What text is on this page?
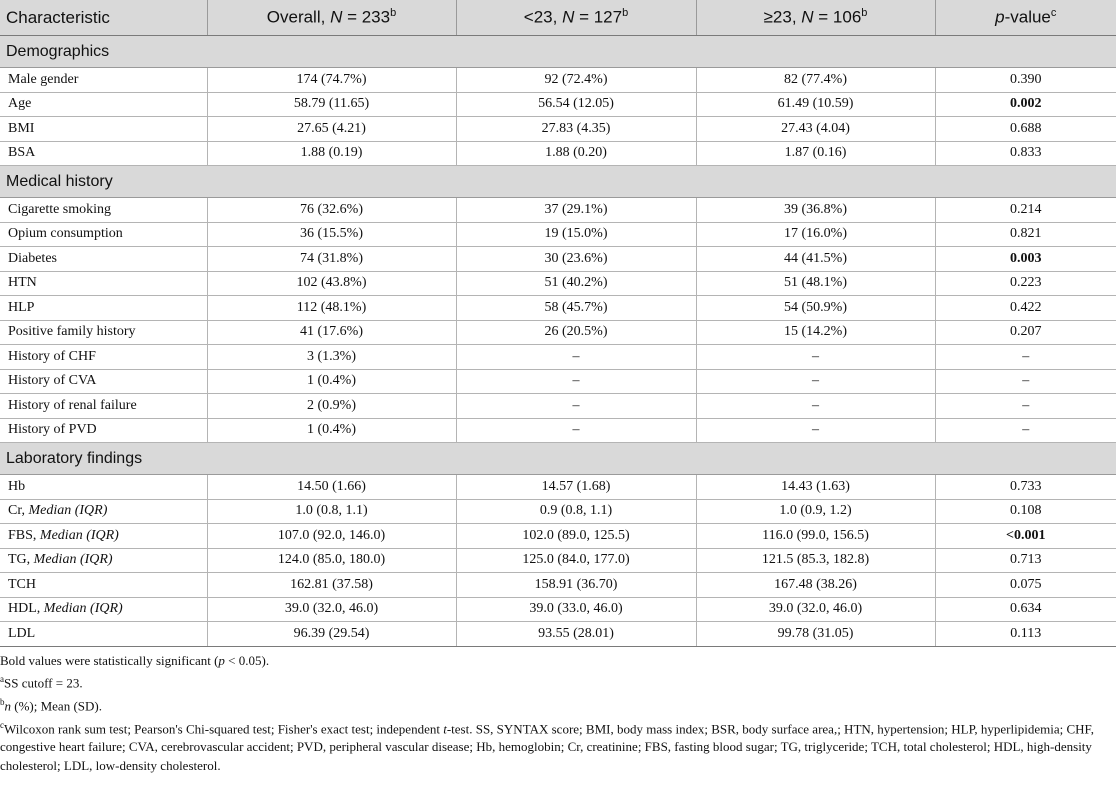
Characteristic	Overall, $N = 233^b$	<23, $N = 127^b$	≥23, $N = 106^b$	p-value$^c$
Demographics				
Male gender	174 (74.7%)	92 (72.4%)	82 (77.4%)	0.390
Age	58.79 (11.65)	56.54 (12.05)	61.49 (10.59)	0.002
BMI	27.65 (4.21)	27.83 (4.35)	27.43 (4.04)	0.688
BSA	1.88 (0.19)	1.88 (0.20)	1.87 (0.16)	0.833
Medical history				
Cigarette smoking	76 (32.6%)	37 (29.1%)	39 (36.8%)	0.214
Opium consumption	36 (15.5%)	19 (15.0%)	17 (16.0%)	0.821
Diabetes	74 (31.8%)	30 (23.6%)	44 (41.5%)	0.003
HTN	102 (43.8%)	51 (40.2%)	51 (48.1%)	0.223
HLP	112 (48.1%)	58 (45.7%)	54 (50.9%)	0.422
Positive family history	41 (17.6%)	26 (20.5%)	15 (14.2%)	0.207
History of CHF	3 (1.3%)	–	–	–
History of CVA	1 (0.4%)	–	–	–
History of renal failure	2 (0.9%)	–	–	–
History of PVD	1 (0.4%)	–	–	–
Laboratory findings				
Hb	14.50 (1.66)	14.57 (1.68)	14.43 (1.63)	0.733
Cr, Median (IQR)	1.0 (0.8, 1.1)	0.9 (0.8, 1.1)	1.0 (0.9, 1.2)	0.108
FBS, Median (IQR)	107.0 (92.0, 146.0)	102.0 (89.0, 125.5)	116.0 (99.0, 156.5)	<0.001
TG, Median (IQR)	124.0 (85.0, 180.0)	125.0 (84.0, 177.0)	121.5 (85.3, 182.8)	0.713
TCH	162.81 (37.58)	158.91 (36.70)	167.48 (38.26)	0.075
HDL, Median (IQR)	39.0 (32.0, 46.0)	39.0 (33.0, 46.0)	39.0 (32.0, 46.0)	0.634
LDL	96.39 (29.54)	93.55 (28.01)	99.78 (31.05)	0.113

Bold values were statistically significant (p < 0.05).

$^a$SS cutoff = 23.

$^b$n (%); Mean (SD).

$^c$Wilcoxon rank sum test; Pearson's Chi-squared test; Fisher's exact test; independent t-test. SS, SYNTAX score; BMI, body mass index; BSR, body surface area,; HTN, hypertension; HLP, hyperlipidemia; CHF, congestive heart failure; CVA, cerebrovascular accident; PVD, peripheral vascular disease; Hb, hemoglobin; Cr, creatinine; FBS, fasting blood sugar; TG, triglyceride; TCH, total cholesterol; HDL, high-density cholesterol; LDL, low-density cholesterol.
